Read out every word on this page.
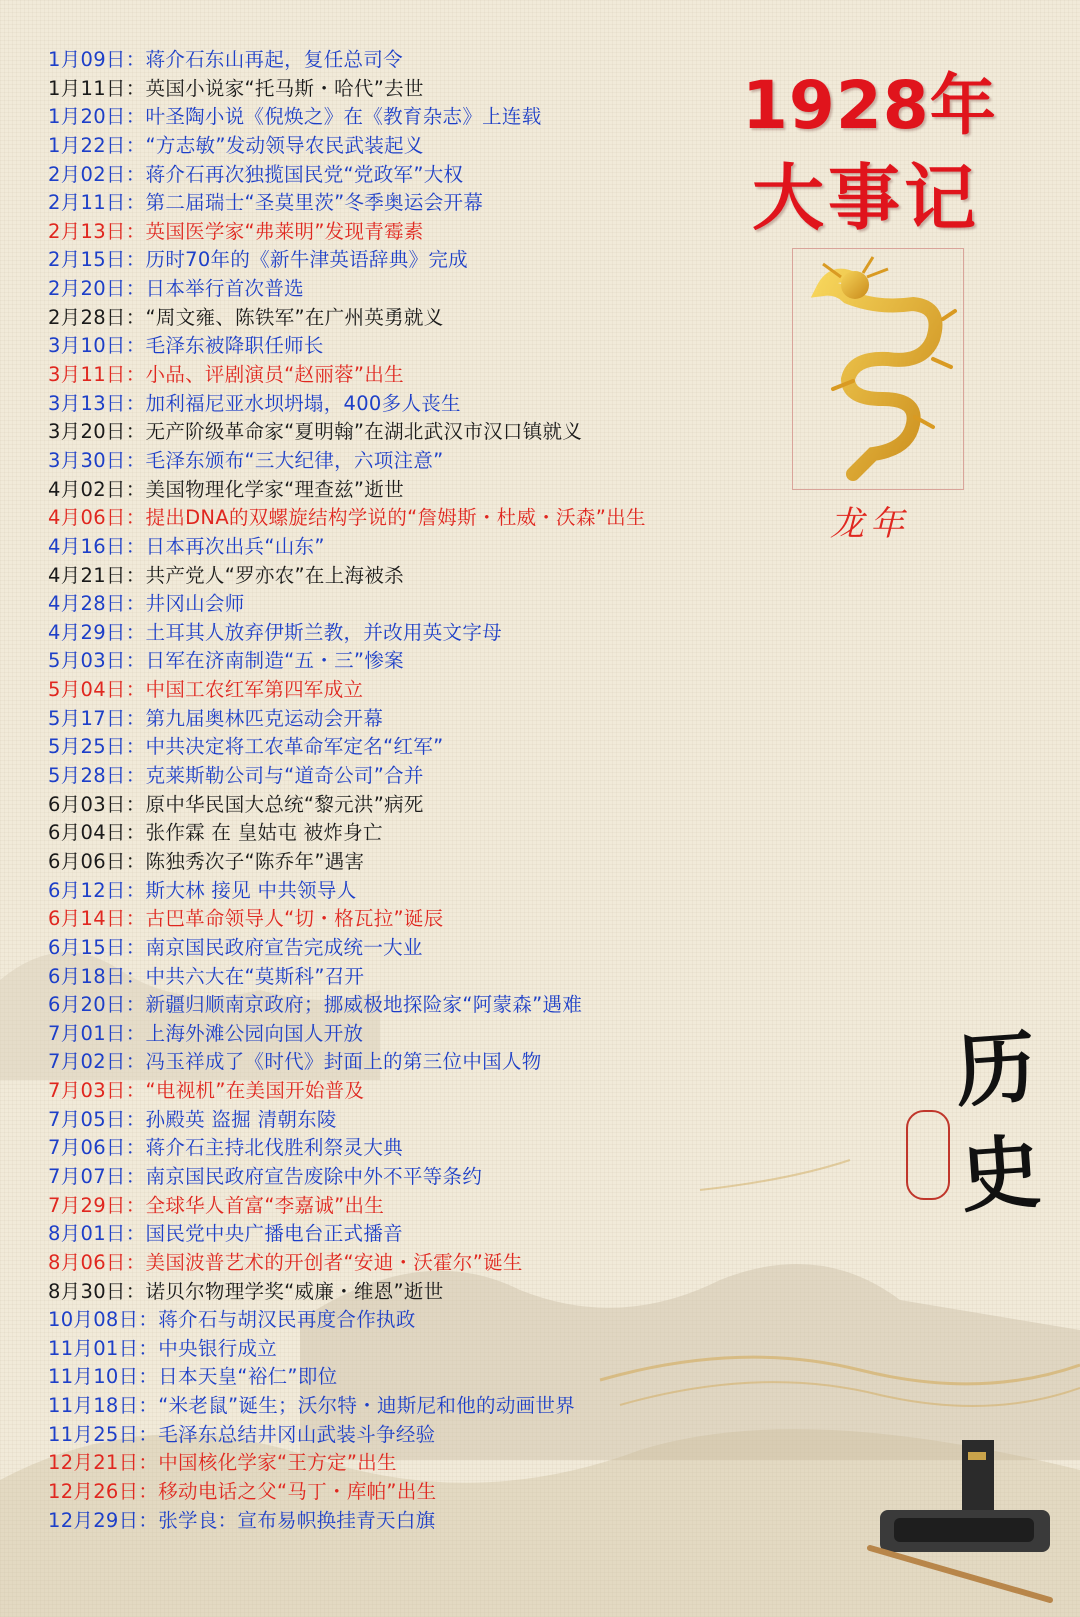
1月09日：蒋介石东山再起，复任总司令
1月11日：英国小说家“托马斯・哈代”去世
1月20日：叶圣陶小说《倪焕之》在《教育杂志》上连载
1月22日：“方志敏”发动领导农民武装起义
2月02日：蒋介石再次独揽国民党“党政军”大权
2月11日：第二届瑞士“圣莫里茨”冬季奥运会开幕
2月13日：英国医学家“弗莱明”发现青霉素
2月15日：历时70年的《新牛津英语辞典》完成
2月20日：日本举行首次普选
2月28日：“周文雍、陈铁军”在广州英勇就义
3月10日：毛泽东被降职任师长
3月11日：小品、评剧演员“赵丽蓉”出生
3月13日：加利福尼亚水坝坍塌，400多人丧生
3月20日：无产阶级革命家“夏明翰”在湖北武汉市汉口镇就义
3月30日：毛泽东颁布“三大纪律，六项注意”
4月02日：美国物理化学家“理查兹”逝世
4月06日：提出DNA的双螺旋结构学说的“詹姆斯・杜威・沃森”出生
4月16日：日本再次出兵“山东”
4月21日：共产党人“罗亦农”在上海被杀
4月28日：井冈山会师
4月29日：土耳其人放弃伊斯兰教，并改用英文字母
5月03日：日军在济南制造“五・三”惨案
5月04日：中国工农红军第四军成立
5月17日：第九届奥林匹克运动会开幕
5月25日：中共决定将工农革命军定名“红军”
5月28日：克莱斯勒公司与“道奇公司”合并
6月03日：原中华民国大总统“黎元洪”病死
6月04日：张作霖 在 皇姑屯 被炸身亡
6月06日：陈独秀次子“陈乔年”遇害
6月12日：斯大林 接见 中共领导人
6月14日：古巴革命领导人“切・格瓦拉”诞辰
6月15日：南京国民政府宣告完成统一大业
6月18日：中共六大在“莫斯科”召开
6月20日：新疆归顺南京政府；挪威极地探险家“阿蒙森”遇难
7月01日：上海外滩公园向国人开放
7月02日：冯玉祥成了《时代》封面上的第三位中国人物
7月03日：“电视机”在美国开始普及
7月05日：孙殿英 盗掘 清朝东陵
7月06日：蒋介石主持北伐胜利祭灵大典
7月07日：南京国民政府宣告废除中外不平等条约
7月29日：全球华人首富“李嘉诚”出生
8月01日：国民党中央广播电台正式播音
8月06日：美国波普艺术的开创者“安迪・沃霍尔”诞生
8月30日：诺贝尔物理学奖“威廉・维恩”逝世
10月08日：蒋介石与胡汉民再度合作执政
11月01日：中央银行成立
11月10日：日本天皇“裕仁”即位
11月18日：“米老鼠”诞生；沃尔特・迪斯尼和他的动画世界
11月25日：毛泽东总结井冈山武装斗争经验
12月21日：中国核化学家“王方定”出生
12月26日：移动电话之父“马丁・库帕”出生
12月29日：张学良：宣布易帜换挂青天白旗
1928年
大事记
龙年
历
史
